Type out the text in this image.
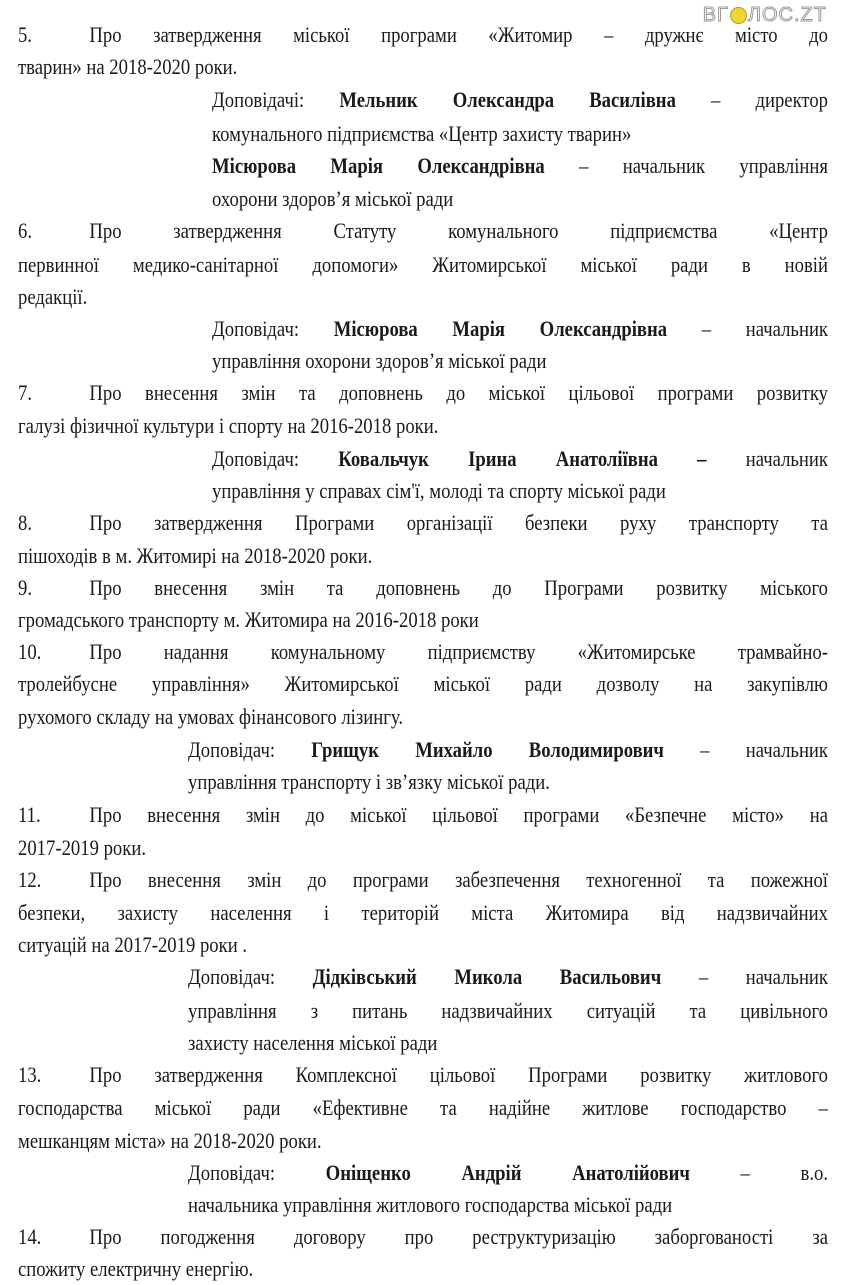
ВГ ЛОС.ZT
5.	Про затвердження міської програми «Житомир – дружнє місто до
тварин» на 2018-2020 роки.
Доповідачі: Мельник Олександра Василівна – директор
комунального підприємства «Центр захисту тварин»
Місюрова Марія Олександрівна – начальник управління
охорони здоров’я міської ради
6.	Про затвердження Статуту комунального підприємства «Центр
первинної медико-санітарної допомоги» Житомирської міської ради в новій
редакції.
Доповідач: Місюрова Марія Олександрівна – начальник
управління охорони здоров’я міської ради
7.	Про внесення змін та доповнень до міської цільової програми розвитку
галузі фізичної культури і спорту на 2016-2018 роки.
Доповідач: Ковальчук Ірина Анатоліївна – начальник
управління у справах сім'ї, молоді та спорту міської ради
8.	Про затвердження Програми організації безпеки руху транспорту та
пішоходів в м. Житомирі на 2018-2020 роки.
9.	Про внесення змін та доповнень до Програми розвитку міського
громадського транспорту м. Житомира на 2016-2018 роки
10. Про надання комунальному підприємству «Житомирське трамвайно-
тролейбусне управління» Житомирської міської ради дозволу на закупівлю
рухомого складу на умовах фінансового лізингу.
Доповідач: Грищук Михайло Володимирович – начальник
управління транспорту і зв’язку міської ради.
11. Про внесення змін до міської цільової програми «Безпечне місто» на
2017-2019 роки.
12. Про внесення змін до програми забезпечення техногенної та пожежної
безпеки, захисту населення і територій міста Житомира від надзвичайних
ситуацій на 2017-2019 роки .
Доповідач: Дідківський Микола Васильович – начальник
управління з питань надзвичайних ситуацій та цивільного
захисту населення міської ради
13. Про затвердження Комплексної цільової Програми розвитку житлового
господарства міської ради «Ефективне та надійне житлове господарство –
мешканцям міста» на 2018-2020 роки.
Доповідач: Оніщенко Андрій Анатолійович – в.о.
начальника управління житлового господарства міської ради
14. Про погодження договору про реструктуризацію заборгованості за
спожиту електричну енергію.
